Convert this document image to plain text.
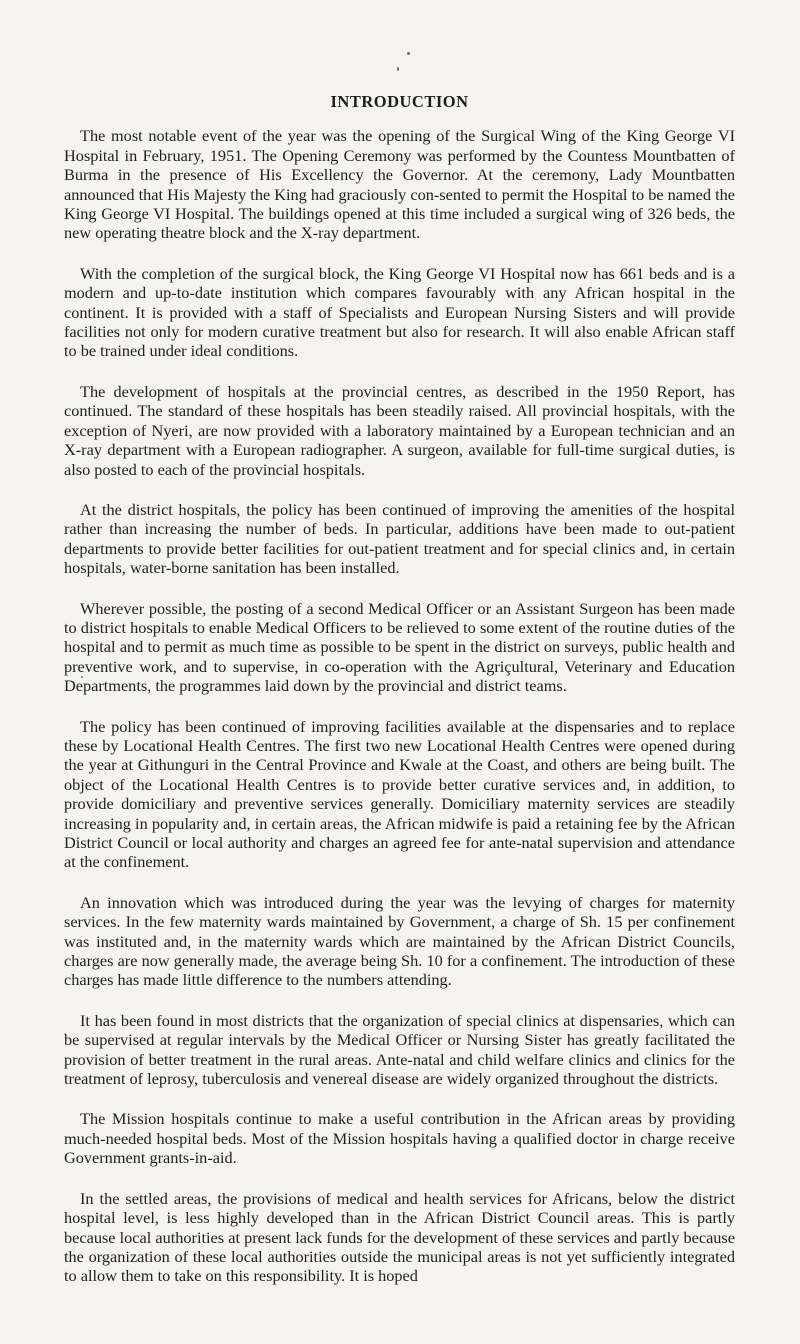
INTRODUCTION

The most notable event of the year was the opening of the Surgical Wing of the King George VI Hospital in February, 1951. The Opening Ceremony was performed by the Countess Mountbatten of Burma in the presence of His Excellency the Governor. At the ceremony, Lady Mountbatten announced that His Majesty the King had graciously con-sented to permit the Hospital to be named the King George VI Hospital. The buildings opened at this time included a surgical wing of 326 beds, the new operating theatre block and the X-ray department.

With the completion of the surgical block, the King George VI Hospital now has 661 beds and is a modern and up-to-date institution which compares favourably with any African hospital in the continent. It is provided with a staff of Specialists and European Nursing Sisters and will provide facilities not only for modern curative treatment but also for research. It will also enable African staff to be trained under ideal conditions.

The development of hospitals at the provincial centres, as described in the 1950 Report, has continued. The standard of these hospitals has been steadily raised. All provincial hospitals, with the exception of Nyeri, are now provided with a laboratory maintained by a European technician and an X-ray department with a European radiographer. A surgeon, available for full-time surgical duties, is also posted to each of the provincial hospitals.

At the district hospitals, the policy has been continued of improving the amenities of the hospital rather than increasing the number of beds. In particular, additions have been made to out-patient departments to provide better facilities for out-patient treatment and for special clinics and, in certain hospitals, water-borne sanitation has been installed.

Wherever possible, the posting of a second Medical Officer or an Assistant Surgeon has been made to district hospitals to enable Medical Officers to be relieved to some extent of the routine duties of the hospital and to permit as much time as possible to be spent in the district on surveys, public health and preventive work, and to supervise, in co-operation with the Agriçultural, Veterinary and Education Departments, the programmes laid down by the provincial and district teams.

The policy has been continued of improving facilities available at the dispensaries and to replace these by Locational Health Centres. The first two new Locational Health Centres were opened during the year at Githunguri in the Central Province and Kwale at the Coast, and others are being built. The object of the Locational Health Centres is to provide better curative services and, in addition, to provide domiciliary and preventive services generally. Domiciliary maternity services are steadily increasing in popularity and, in certain areas, the African midwife is paid a retaining fee by the African District Council or local authority and charges an agreed fee for ante-natal supervision and attendance at the confinement.

An innovation which was introduced during the year was the levying of charges for maternity services. In the few maternity wards maintained by Government, a charge of Sh. 15 per confinement was instituted and, in the maternity wards which are maintained by the African District Councils, charges are now generally made, the average being Sh. 10 for a confinement. The introduction of these charges has made little difference to the numbers attending.

It has been found in most districts that the organization of special clinics at dispensaries, which can be supervised at regular intervals by the Medical Officer or Nursing Sister has greatly facilitated the provision of better treatment in the rural areas. Ante-natal and child welfare clinics and clinics for the treatment of leprosy, tuberculosis and venereal disease are widely organized throughout the districts.

The Mission hospitals continue to make a useful contribution in the African areas by providing much-needed hospital beds. Most of the Mission hospitals having a qualified doctor in charge receive Government grants-in-aid.

In the settled areas, the provisions of medical and health services for Africans, below the district hospital level, is less highly developed than in the African District Council areas. This is partly because local authorities at present lack funds for the development of these services and partly because the organization of these local authorities outside the municipal areas is not yet sufficiently integrated to allow them to take on this responsibility. It is hoped
